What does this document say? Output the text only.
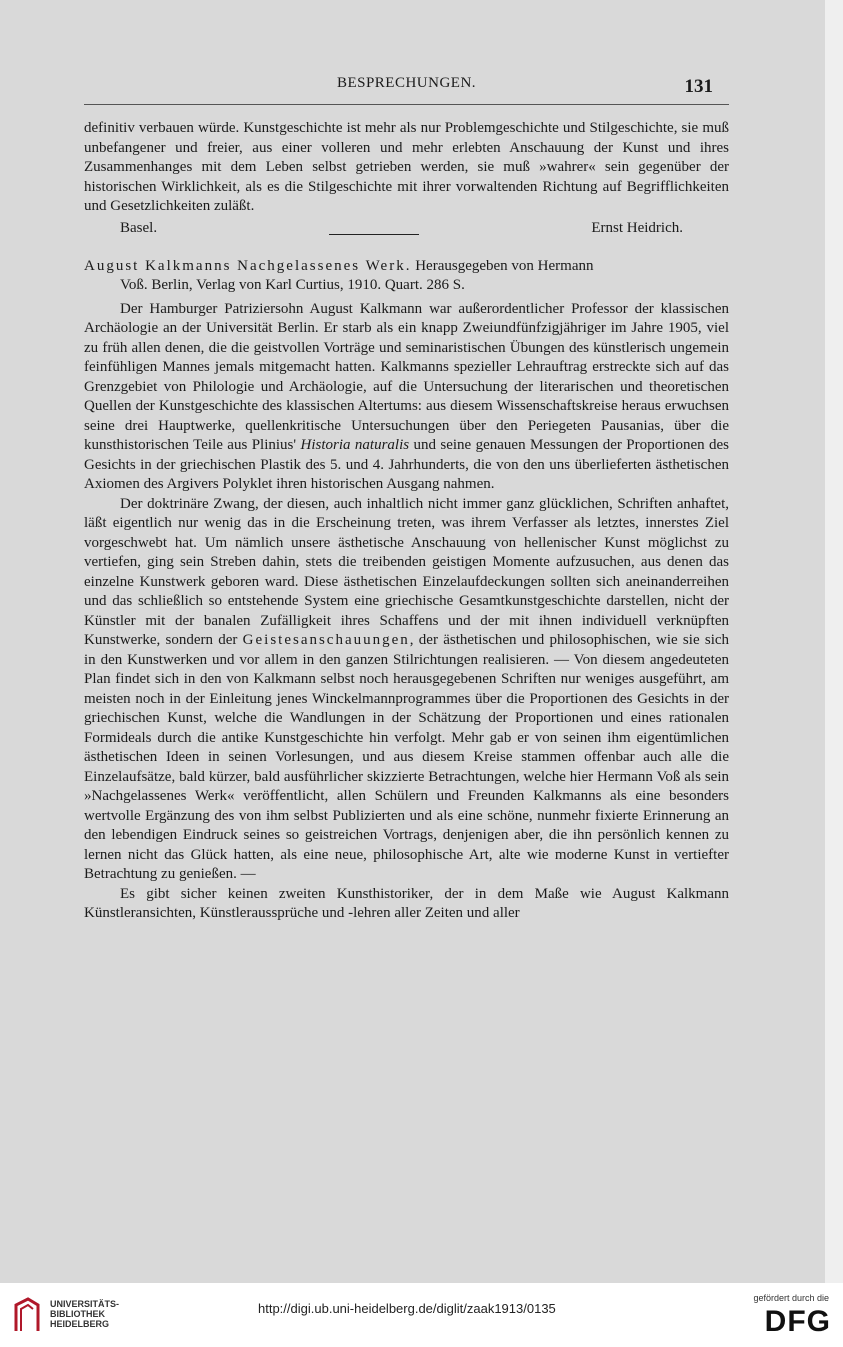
BESPRECHUNGEN.	131

definitiv verbauen würde. Kunstgeschichte ist mehr als nur Problemgeschichte und Stilgeschichte, sie muß unbefangener und freier, aus einer volleren und mehr erlebten Anschauung der Kunst und ihres Zusammenhanges mit dem Leben selbst getrieben werden, sie muß »wahrer« sein gegenüber der historischen Wirklichkeit, als es die Stilgeschichte mit ihrer vorwaltenden Richtung auf Begrifflichkeiten und Gesetzlichkeiten zuläßt.

Basel.	Ernst Heidrich.
August Kalkmanns Nachgelassenes Werk. Herausgegeben von Hermann
Voß. Berlin, Verlag von Karl Curtius, 1910. Quart. 286 S.

Der Hamburger Patriziersohn August Kalkmann war außerordentlicher Professor der klassischen Archäologie an der Universität Berlin. Er starb als ein knapp Zweiundfünfzigjähriger im Jahre 1905, viel zu früh allen denen, die die geistvollen Vorträge und seminaristischen Übungen des künstlerisch ungemein feinfühligen Mannes jemals mitgemacht hatten. Kalkmanns spezieller Lehrauftrag erstreckte sich auf das Grenzgebiet von Philologie und Archäologie, auf die Untersuchung der literarischen und theoretischen Quellen der Kunstgeschichte des klassischen Altertums: aus diesem Wissenschaftskreise heraus erwuchsen seine drei Hauptwerke, quellenkritische Untersuchungen über den Periegeten Pausanias, über die kunsthistorischen Teile aus Plinius' Historia naturalis und seine genauen Messungen der Proportionen des Gesichts in der griechischen Plastik des 5. und 4. Jahrhunderts, die von den uns überlieferten ästhetischen Axiomen des Argivers Polyklet ihren historischen Ausgang nahmen.

Der doktrinäre Zwang, der diesen, auch inhaltlich nicht immer ganz glücklichen, Schriften anhaftet, läßt eigentlich nur wenig das in die Erscheinung treten, was ihrem Verfasser als letztes, innerstes Ziel vorgeschwebt hat. Um nämlich unsere ästhetische Anschauung von hellenischer Kunst möglichst zu vertiefen, ging sein Streben dahin, stets die treibenden geistigen Momente aufzusuchen, aus denen das einzelne Kunstwerk geboren ward. Diese ästhetischen Einzelaufdeckungen sollten sich aneinanderreihen und das schließlich so entstehende System eine griechische Gesamtkunstgeschichte darstellen, nicht der Künstler mit der banalen Zufälligkeit ihres Schaffens und der mit ihnen individuell verknüpften Kunstwerke, sondern der Geistesanschauungen, der ästhetischen und philosophischen, wie sie sich in den Kunstwerken und vor allem in den ganzen Stilrichtungen realisieren. — Von diesem angedeuteten Plan findet sich in den von Kalkmann selbst noch herausgegebenen Schriften nur weniges ausgeführt, am meisten noch in der Einleitung jenes Winckelmannprogrammes über die Proportionen des Gesichts in der griechischen Kunst, welche die Wandlungen in der Schätzung der Proportionen und eines rationalen Formideals durch die antike Kunstgeschichte hin verfolgt. Mehr gab er von seinen ihm eigentümlichen ästhetischen Ideen in seinen Vorlesungen, und aus diesem Kreise stammen offenbar auch alle die Einzelaufsätze, bald kürzer, bald ausführlicher skizzierte Betrachtungen, welche hier Hermann Voß als sein »Nachgelassenes Werk« veröffentlicht, allen Schülern und Freunden Kalkmanns als eine besonders wertvolle Ergänzung des von ihm selbst Publizierten und als eine schöne, nunmehr fixierte Erinnerung an den lebendigen Eindruck seines so geistreichen Vortrags, denjenigen aber, die ihn persönlich kennen zu lernen nicht das Glück hatten, als eine neue, philosophische Art, alte wie moderne Kunst in vertiefter Betrachtung zu genießen. —

Es gibt sicher keinen zweiten Kunsthistoriker, der in dem Maße wie August Kalkmann Künstleransichten, Künstleraussprüche und -lehren aller Zeiten und aller

UNIVERSITÄTS-
BIBLIOTHEK
HEIDELBERG
http://digi.ub.uni-heidelberg.de/diglit/zaak1913/0135
gefördert durch die
DFG
